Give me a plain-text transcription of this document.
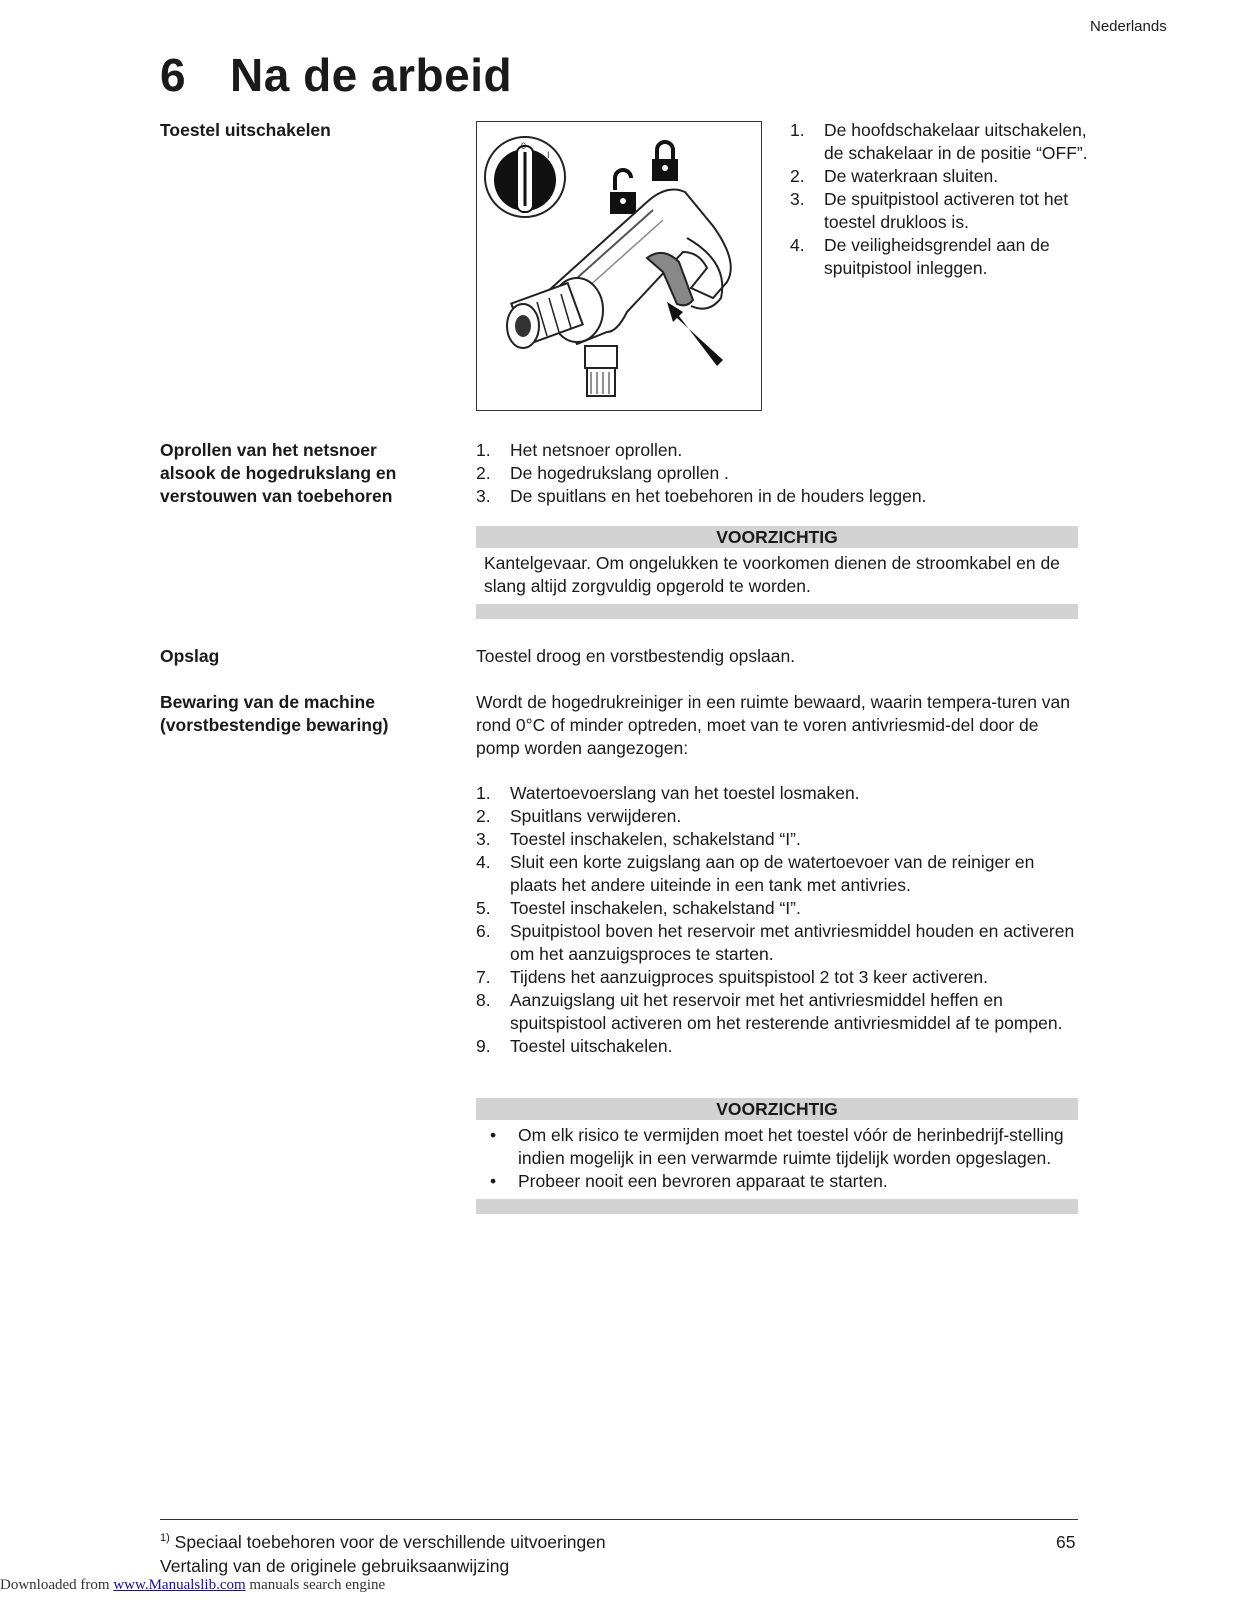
Nederlands
6 Na de arbeid
Toestel uitschakelen
0
I
1. De hoofdschakelaar uitschakelen, de schakelaar in de positie “OFF”.
2. De waterkraan sluiten.
3. De spuitpistool activeren tot het toestel drukloos is.
4. De veiligheidsgrendel aan de spuitpistool inleggen.
Oprollen van het netsnoer alsook de hogedrukslang en verstouwen van toebehoren
1. Het netsnoer oprollen.
2. De hogedrukslang oprollen .
3. De spuitlans en het toebehoren in de houders leggen.
VOORZICHTIG
Kantelgevaar. Om ongelukken te voorkomen dienen de stroomkabel en de slang altijd zorgvuldig opgerold te worden.
Opslag	Toestel droog en vorstbestendig opslaan.
Bewaring van de machine (vorstbestendige bewaring)
Wordt de hogedrukreiniger in een ruimte bewaard, waarin tempera-turen van rond 0°C of minder optreden, moet van te voren antivriesmid-del door de pomp worden aangezogen:
1. Watertoevoerslang van het toestel losmaken.
2. Spuitlans verwijderen.
3. Toestel inschakelen, schakelstand “I”.
4. Sluit een korte zuigslang aan op de watertoevoer van de reiniger en plaats het andere uiteinde in een tank met antivries.
5. Toestel inschakelen, schakelstand “I”.
6. Spuitpistool boven het reservoir met antivriesmiddel houden en activeren om het aanzuigsproces te starten.
7. Tijdens het aanzuigproces spuitspistool 2 tot 3 keer activeren.
8. Aanzuigslang uit het reservoir met het antivriesmiddel heffen en spuitspistool activeren om het resterende antivriesmiddel af te pompen.
9. Toestel uitschakelen.
VOORZICHTIG
• Om elk risico te vermijden moet het toestel vóór de herinbedrijf-stelling indien mogelijk in een verwarmde ruimte tijdelijk worden opgeslagen.
• Probeer nooit een bevroren apparaat te starten.
$^{1)}$ Speciaal toebehoren voor de verschillende uitvoeringen
Vertaling van de originele gebruiksaanwijzing
65
Downloaded from www.Manualslib.com manuals search engine
